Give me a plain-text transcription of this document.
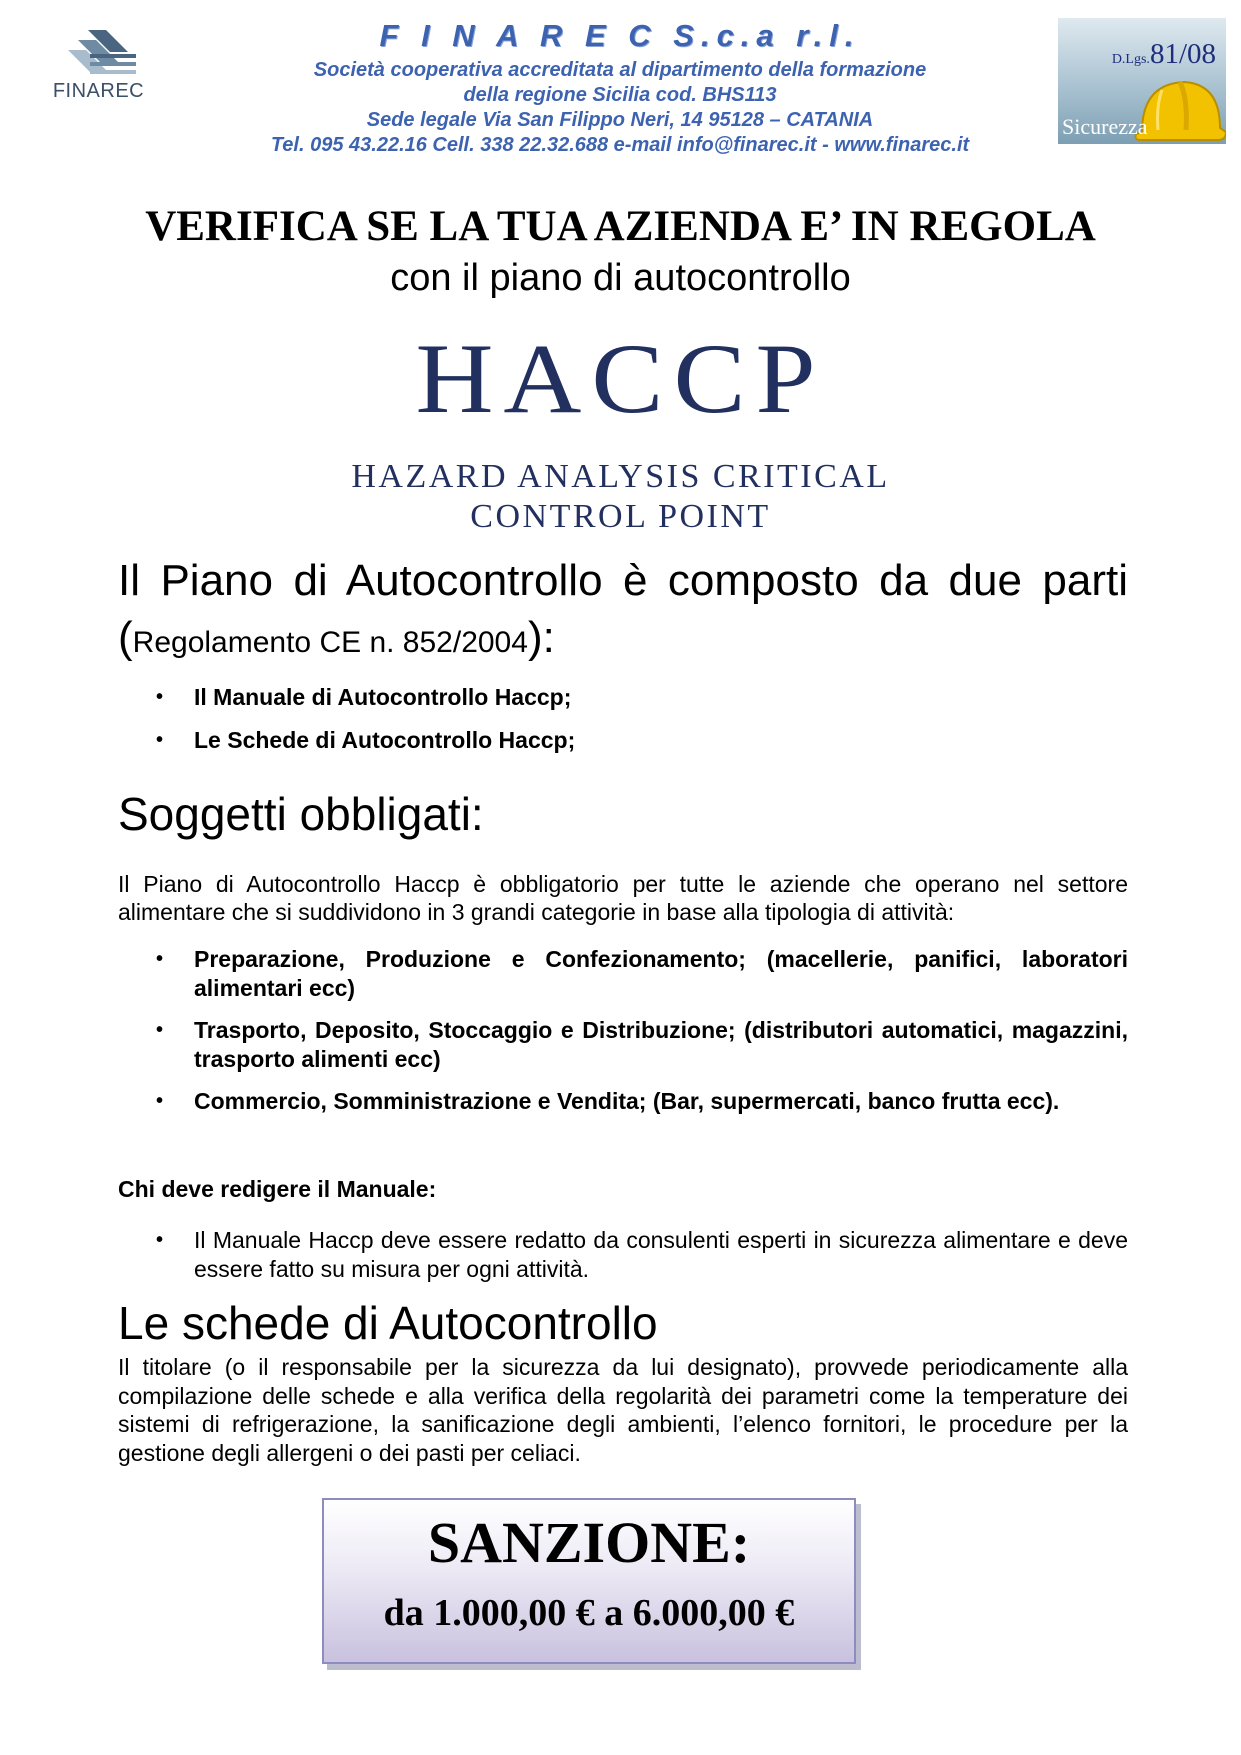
FINAREC
F I N A R E C S.c.a r.l.
Società cooperativa accreditata al dipartimento della formazione
della regione Sicilia cod. BHS113
Sede legale Via San Filippo Neri, 14 95128 – CATANIA
Tel. 095 43.22.16 Cell. 338 22.32.688 e-mail info@finarec.it - www.finarec.it
D.Lgs.81/08
Sicurezza
VERIFICA SE LA TUA AZIENDA E’ IN REGOLA
con il piano di autocontrollo
HACCP
HAZARD ANALYSIS CRITICAL
CONTROL POINT
Il Piano di Autocontrollo è composto da due parti (Regolamento CE n. 852/2004):
• Il Manuale di Autocontrollo Haccp;
• Le Schede di Autocontrollo Haccp;
Soggetti obbligati:
Il Piano di Autocontrollo Haccp è obbligatorio per tutte le aziende che operano nel settore alimentare che si suddividono in 3 grandi categorie in base alla tipologia di attività:
• Preparazione, Produzione e Confezionamento; (macellerie, panifici, laboratori alimentari ecc)
• Trasporto, Deposito, Stoccaggio e Distribuzione; (distributori automatici, magazzini, trasporto alimenti ecc)
• Commercio, Somministrazione e Vendita; (Bar, supermercati, banco frutta ecc).
Chi deve redigere il Manuale:
• Il Manuale Haccp deve essere redatto da consulenti esperti in sicurezza alimentare e deve essere fatto su misura per ogni attività.
Le schede di Autocontrollo
Il titolare (o il responsabile per la sicurezza da lui designato), provvede periodicamente alla compilazione delle schede e alla verifica della regolarità dei parametri come la temperature dei sistemi di refrigerazione, la sanificazione degli ambienti, l’elenco fornitori, le procedure per la gestione degli allergeni o dei pasti per celiaci.
SANZIONE:
da 1.000,00 € a 6.000,00 €
